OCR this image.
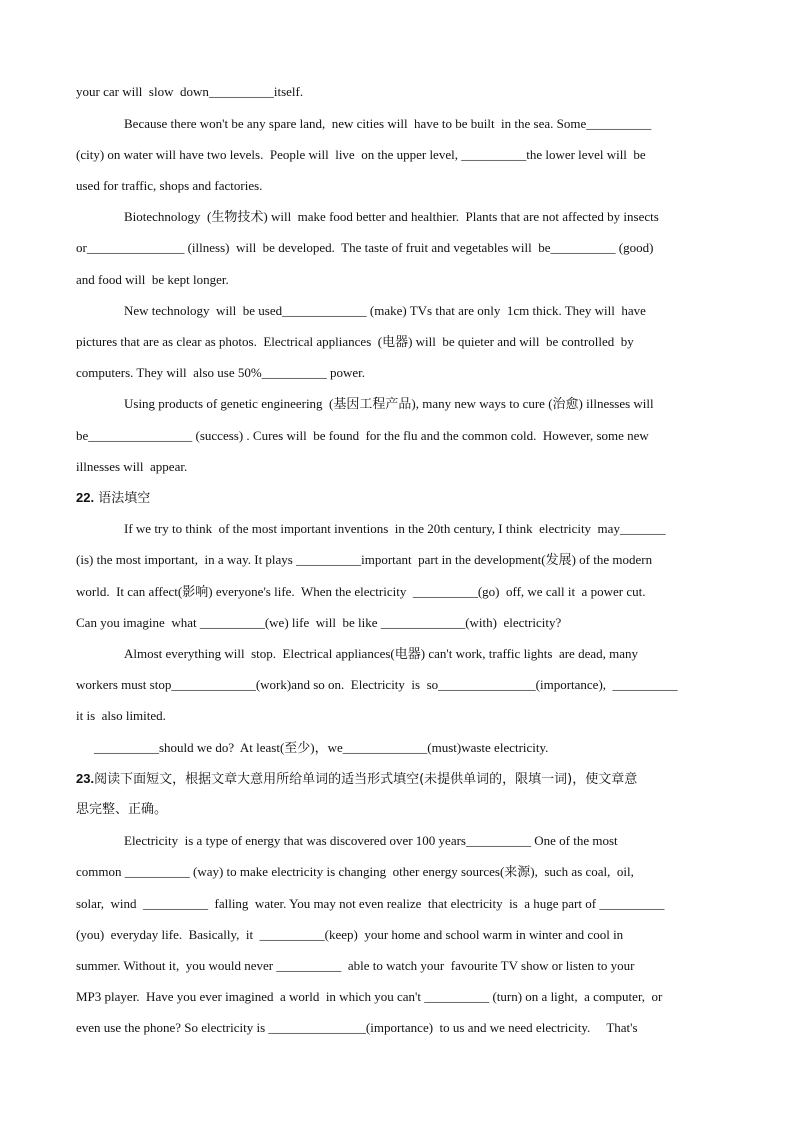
your car will  slow  down__________itself.
Because there won't be any spare land,  new cities will  have to be built  in the sea. Some__________
(city) on water will have two levels.  People will  live  on the upper level, __________the lower level will  be
used for traffic, shops and factories.
Biotechnology  (生物技术) will  make food better and healthier.  Plants that are not affected by insects
or_______________ (illness)  will  be developed.  The taste of fruit and vegetables will  be__________ (good)
and food will  be kept longer.
New technology  will  be used_____________ (make) TVs that are only  1cm thick. They will  have
pictures that are as clear as photos.  Electrical appliances  (电器) will  be quieter and will  be controlled  by
computers. They will  also use 50%__________ power.
Using products of genetic engineering  (基因工程产品), many new ways to cure (治愈) illnesses will
be________________ (success) . Cures will  be found  for the flu and the common cold.  However, some new
illnesses will  appear.
22. 语法填空
If we try to think  of the most important inventions  in the 20th century, I think  electricity  may_______
(is) the most important,  in a way. It plays __________important  part in the development(发展) of the modern
world.  It can affect(影响) everyone's life.  When the electricity  __________(go)  off, we call it  a power cut.
Can you imagine  what __________(we) life  will  be like _____________(with)  electricity?
Almost everything will  stop.  Electrical appliances(电器) can't work, traffic lights  are dead, many
workers must stop_____________(work)and so on.  Electricity  is  so_______________(importance),  __________
it is  also limited.
__________should we do?  At least(至少)，we_____________(must)waste electricity.
23.阅读下面短文，根据文章大意用所给单词的适当形式填空(未提供单词的，限填一词)，使文章意
思完整、正确。
Electricity  is a type of energy that was discovered over 100 years__________ One of the most
common __________ (way) to make electricity is changing  other energy sources(来源),  such as coal,  oil,
solar,  wind  __________  falling  water. You may not even realize  that electricity  is  a huge part of __________
(you)  everyday life.  Basically,  it  __________(keep)  your home and school warm in winter and cool in
summer. Without it,  you would never __________  able to watch your  favourite TV show or listen to your
MP3 player.  Have you ever imagined  a world  in which you can't __________ (turn) on a light,  a computer,  or
even use the phone? So electricity is _______________(importance)  to us and we need electricity.     That's
